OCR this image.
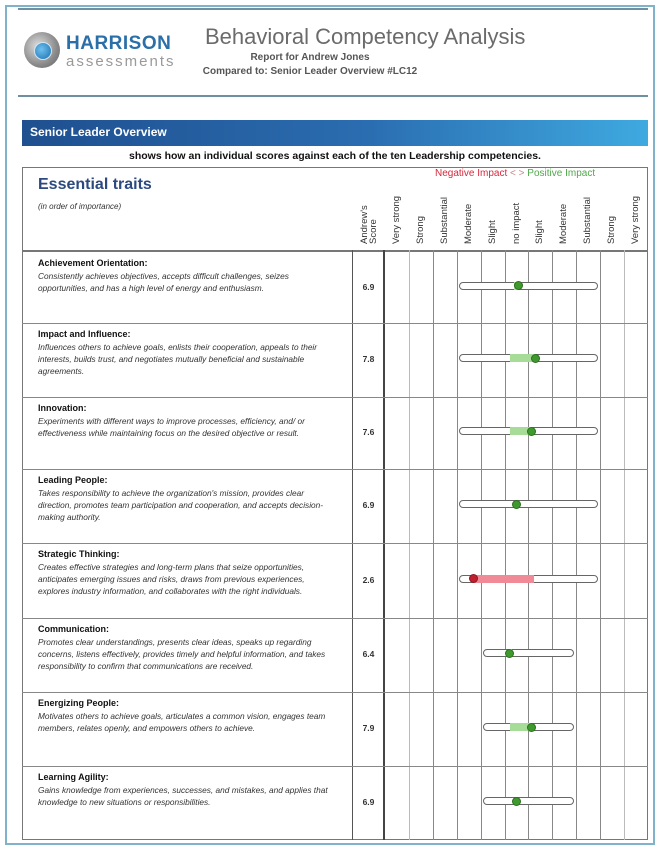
HARRISON
assessments
Behavioral Competency Analysis
Report for Andrew Jones
Compared to: Senior Leader Overview #LC12
Senior Leader Overview
shows how an individual scores against each of the ten Leadership competencies.
Essential traits
(in order of importance)
Negative Impact < > Positive Impact
Andrew's Score Very strong Strong Substantial Moderate Slight no impact Slight Moderate Substantial Strong Very strong
Achievement Orientation:
Consistently achieves objectives, accepts difficult challenges, seizes opportunities, and has a high level of energy and enthusiasm.	6.9
Impact and Influence:
Influences others to achieve goals, enlists their cooperation, appeals to their interests, builds trust, and negotiates mutually beneficial and sustainable agreements.
7.8
Innovation:
Experiments with different ways to improve processes, efficiency, and/ or effectiveness while maintaining focus on the desired objective or result.	7.6
Leading People:
Takes responsibility to achieve the organization's mission, provides clear direction, promotes team participation and cooperation, and accepts decision-making authority.
6.9
Strategic Thinking:
Creates effective strategies and long-term plans that seize opportunities, anticipates emerging issues and risks, draws from previous experiences, explores industry information, and collaborates with the right individuals.
2.6
Communication:
Promotes clear understandings, presents clear ideas, speaks up regarding concerns, listens effectively, provides timely and helpful information, and takes responsibility to confirm that communications are received.
6.4
Energizing People:
Motivates others to achieve goals, articulates a common vision, engages team members, relates openly, and empowers others to achieve.	7.9
Learning Agility:
Gains knowledge from experiences, successes, and mistakes, and applies that knowledge to new situations or responsibilities.	6.9
